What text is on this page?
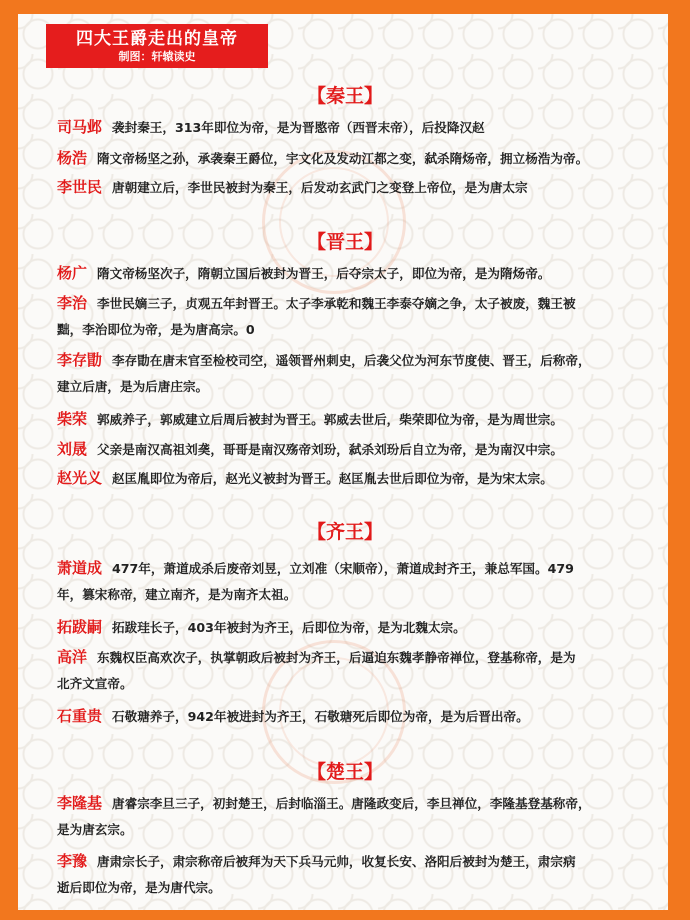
四大王爵走出的皇帝
制图：轩辕读史
【秦王】
司马邺 袭封秦王，313年即位为帝，是为晋愍帝（西晋末帝），后投降汉赵
杨浩 隋文帝杨坚之孙，承袭秦王爵位，宇文化及发动江都之变，弑杀隋炀帝，拥立杨浩为帝。
李世民 唐朝建立后，李世民被封为秦王，后发动玄武门之变登上帝位，是为唐太宗
【晋王】
杨广 隋文帝杨坚次子，隋朝立国后被封为晋王，后夺宗太子，即位为帝，是为隋炀帝。
李治 李世民嫡三子，贞观五年封晋王。太子李承乾和魏王李泰夺嫡之争，太子被废，魏王被
黜，李治即位为帝，是为唐高宗。0
李存勖 李存勖在唐末官至检校司空，遥领晋州刺史，后袭父位为河东节度使、晋王，后称帝，
建立后唐，是为后唐庄宗。
柴荣 郭威养子，郭威建立后周后被封为晋王。郭威去世后，柴荣即位为帝，是为周世宗。
刘晟 父亲是南汉高祖刘䶮，哥哥是南汉殇帝刘玢，弑杀刘玢后自立为帝，是为南汉中宗。
赵光义 赵匡胤即位为帝后，赵光义被封为晋王。赵匡胤去世后即位为帝，是为宋太宗。
【齐王】
萧道成 477年，萧道成杀后废帝刘昱，立刘准（宋顺帝），萧道成封齐王，兼总军国。479
年，篡宋称帝，建立南齐，是为南齐太祖。
拓跋嗣 拓跋珪长子，403年被封为齐王，后即位为帝，是为北魏太宗。
高洋 东魏权臣高欢次子，执掌朝政后被封为齐王，后逼迫东魏孝静帝禅位，登基称帝，是为
北齐文宣帝。
石重贵 石敬瑭养子，942年被进封为齐王，石敬瑭死后即位为帝，是为后晋出帝。
【楚王】
李隆基 唐睿宗李旦三子，初封楚王，后封临淄王。唐隆政变后，李旦禅位，李隆基登基称帝，
是为唐玄宗。
李豫 唐肃宗长子，肃宗称帝后被拜为天下兵马元帅，收复长安、洛阳后被封为楚王，肃宗病
逝后即位为帝，是为唐代宗。
